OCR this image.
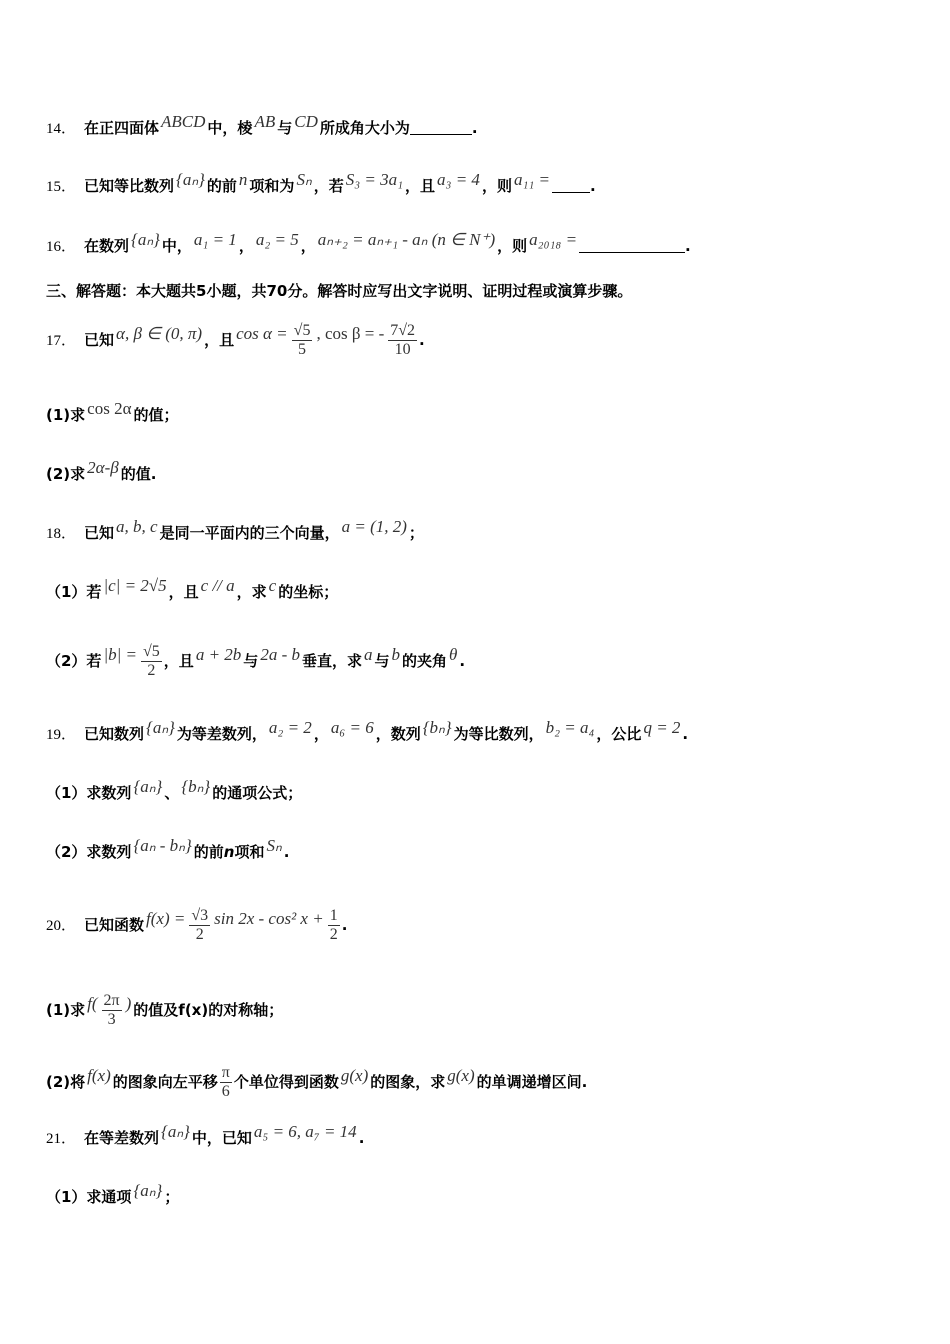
14． 在正四面体 ABCD 中，棱 AB 与 CD 所成角大小为	.
15． 已知等比数列 {aₙ} 的前 n 项和为 Sₙ ，若 S₃ = 3a₁ ，且 a₃ = 4 ，则 a₁₁ =	.
16． 在数列 {aₙ} 中， a₁ = 1 ， a₂ = 5 ， aₙ₊₂ = aₙ₊₁ - aₙ (n ∈ N⁺) ，则 a₂₀₁₈ =	.
三、解答题：本大题共5小题，共70分。解答时应写出文字说明、证明过程或演算步骤。
17． 已知 α, β ∈ (0, π) ，且 $\cos \alpha = \frac{√5}{5}$ , cos β = - $\frac{7√2}{10}$ .
(1)求 cos 2α 的值；
(2)求 2α-β 的值.
18． 已知 a, b, c 是同一平面内的三个向量， a = (1, 2) ；
（1）若 |c| = 2√5 ，且 c // a ，求 c 的坐标；
（2）若 $|b| = \frac{√5}{2}$ ，且 a + 2b 与 2a - b 垂直，求 a 与 b 的夹角 θ .
19． 已知数列 {aₙ} 为等差数列， a₂ = 2 ， a₆ = 6 ，数列 {bₙ} 为等比数列， b₂ = a₄ ，公比 q = 2 .
（1）求数列 {aₙ} 、 {bₙ} 的通项公式；
（2）求数列 {aₙ - bₙ} 的前n项和 Sₙ .
20． 已知函数 $f(x) = \frac{√3}{2}$ sin 2x - cos² $x + \frac{1}{2}$ .
(1)求 $f( \frac{2\pi}{3}$ ) 的值及f(x)的对称轴；
(2)将 f(x) 的图象向左平移 $\frac{\pi}{6}$ 个单位得到函数 g(x) 的图象，求 g(x) 的单调递增区间.
21． 在等差数列 {aₙ} 中，已知 a₅ = 6, a₇ = 14 .
（1）求通项 {aₙ} ；
